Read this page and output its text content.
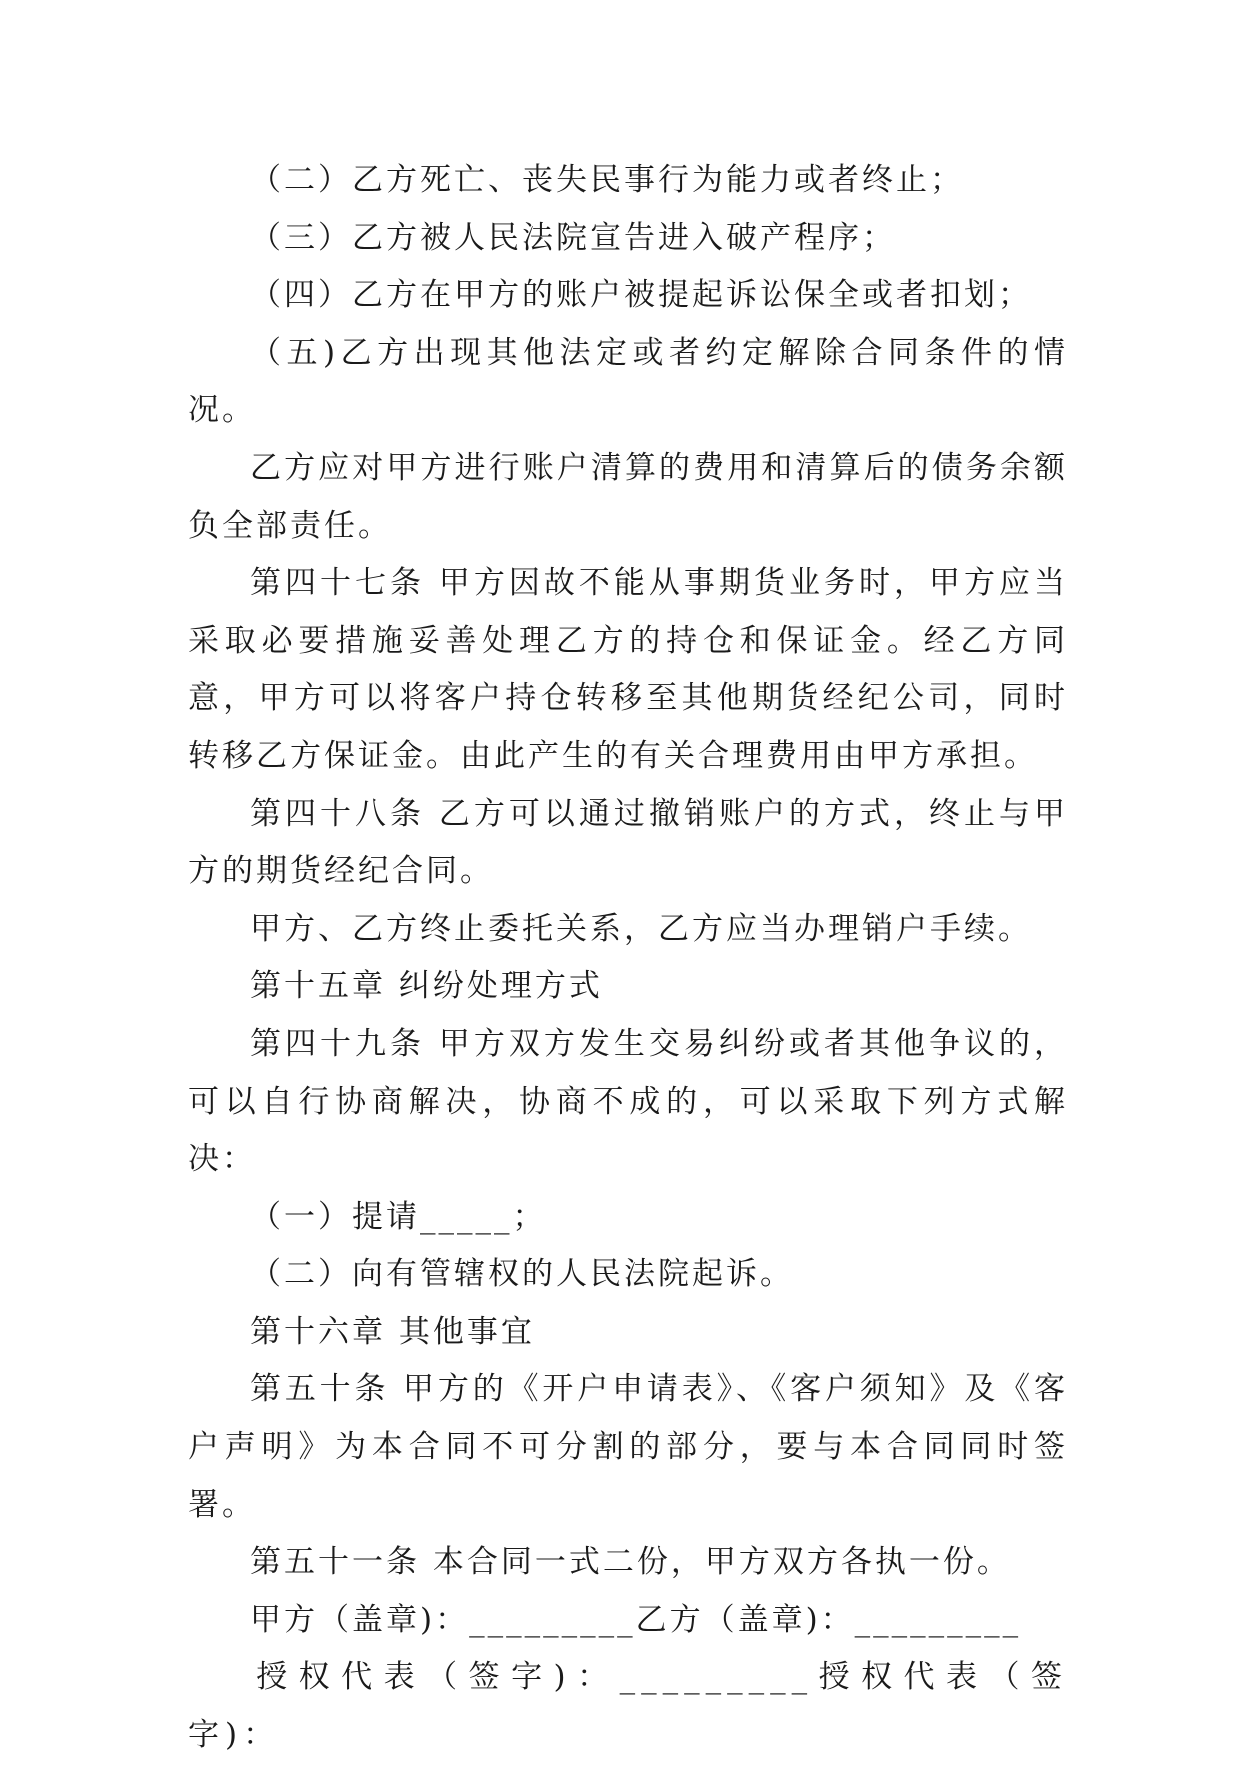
（二）乙方死亡、丧失民事行为能力或者终止；

（三）乙方被人民法院宣告进入破产程序；

（四）乙方在甲方的账户被提起诉讼保全或者扣划；

（五)乙方出现其他法定或者约定解除合同条件的情况。

乙方应对甲方进行账户清算的费用和清算后的债务余额负全部责任。

第四十七条 甲方因故不能从事期货业务时，甲方应当采取必要措施妥善处理乙方的持仓和保证金。经乙方同意，甲方可以将客户持仓转移至其他期货经纪公司，同时转移乙方保证金。由此产生的有关合理费用由甲方承担。

第四十八条 乙方可以通过撤销账户的方式，终止与甲方的期货经纪合同。

甲方、乙方终止委托关系，乙方应当办理销户手续。

第十五章 纠纷处理方式

第四十九条 甲方双方发生交易纠纷或者其他争议的，可以自行协商解决，协商不成的，可以采取下列方式解决：

（一）提请_____；

（二）向有管辖权的人民法院起诉。

第十六章 其他事宜

第五十条 甲方的《开户申请表》、《客户须知》及《客户声明》为本合同不可分割的部分，要与本合同同时签署。

第五十一条 本合同一式二份，甲方双方各执一份。

甲方（盖章)：_________乙方（盖章)：_________

授权代表（签字)：_________授权代表（签字)：
